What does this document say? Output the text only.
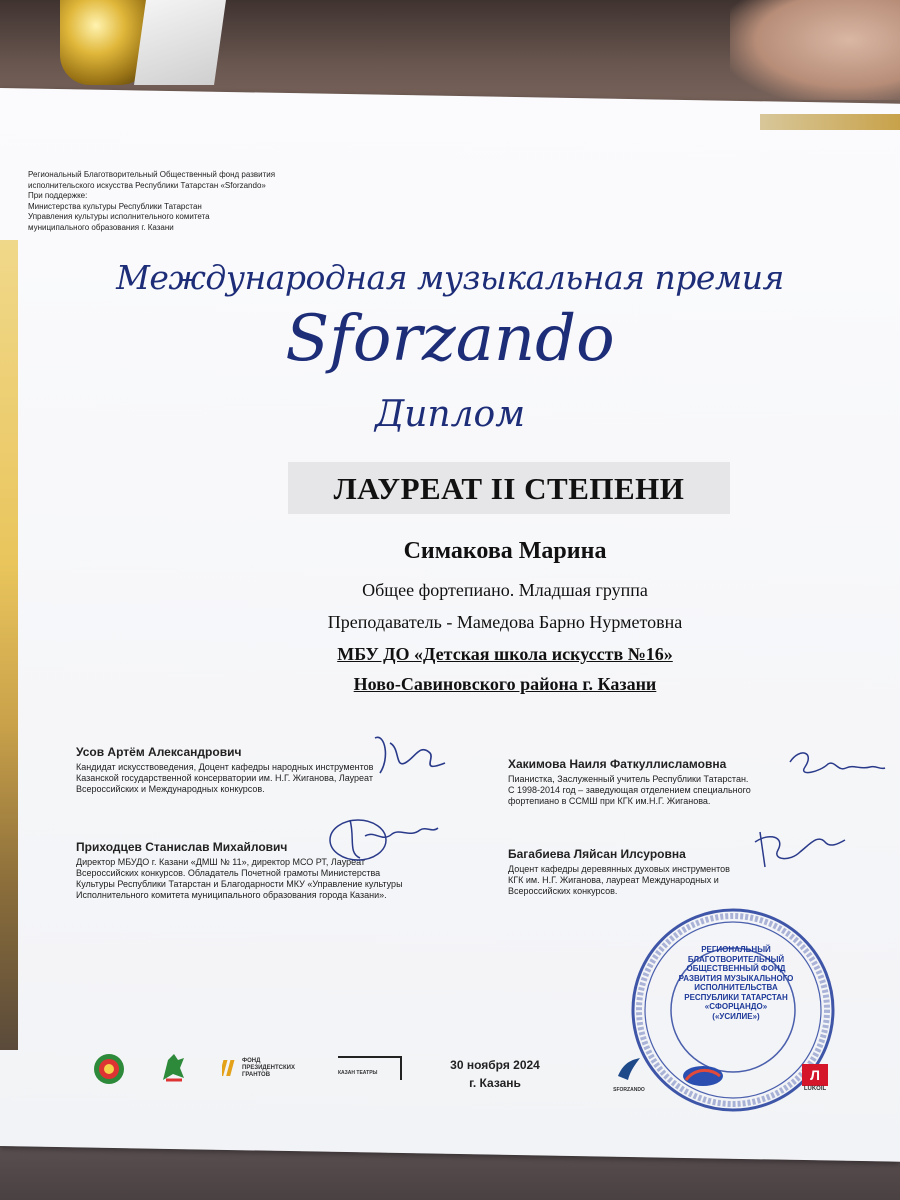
Региональный Благотворительный Общественный фонд развития
исполнительского искусства Республики Татарстан «Sforzando»
При поддержке:
Министерства культуры Республики Татарстан
Управления культуры исполнительного комитета
муниципального образования г. Казани
Международная музыкальная премия
Sforzando
Диплом
ЛАУРЕАТ II СТЕПЕНИ
Симакова Марина
Общее фортепиано. Младшая группа
Преподаватель - Мамедова Барно Нурметовна
МБУ ДО «Детская школа искусств №16»
Ново-Савиновского района г. Казани
Усов Артём Александрович
Кандидат искусствоведения, Доцент кафедры народных инструментов
Казанской государственной консерватории им. Н.Г. Жиганова, Лауреат
Всероссийских и Международных конкурсов.
Хакимова Наиля Фаткуллисламовна
Пианистка, Заслуженный учитель Республики Татарстан.
С 1998-2014 год – заведующая отделением специального
фортепиано в ССМШ при КГК им.Н.Г. Жиганова.
Приходцев Станислав Михайлович
Директор МБУДО г. Казани «ДМШ № 11», директор МСО РТ, Лауреат
Всероссийских конкурсов. Обладатель Почетной грамоты Министерства
Культуры Республики Татарстан и Благодарности МКУ «Управление культуры
Исполнительного комитета муниципального образования города Казани».
Багабиева Ляйсан Илсуровна
Доцент кафедры деревянных духовых инструментов
КГК им. Н.Г. Жиганова, лауреат Международных и
Всероссийских конкурсов.
РЕГИОНАЛЬНЫЙ
БЛАГОТВОРИТЕЛЬНЫЙ
ОБЩЕСТВЕННЫЙ ФОНД
РАЗВИТИЯ МУЗЫКАЛЬНОГО
ИСПОЛНИТЕЛЬСТВА
РЕСПУБЛИКИ ТАТАРСТАН
«СФОРЦАНДО»
(«УСИЛИЕ»)
ФОНД
ПРЕЗИДЕНТСКИХ
ГРАНТОВ	КАЗАН ТЕАТРЫ
30 ноября 2024
г. Казань	SFORZANDO
Л
LUKOIL
